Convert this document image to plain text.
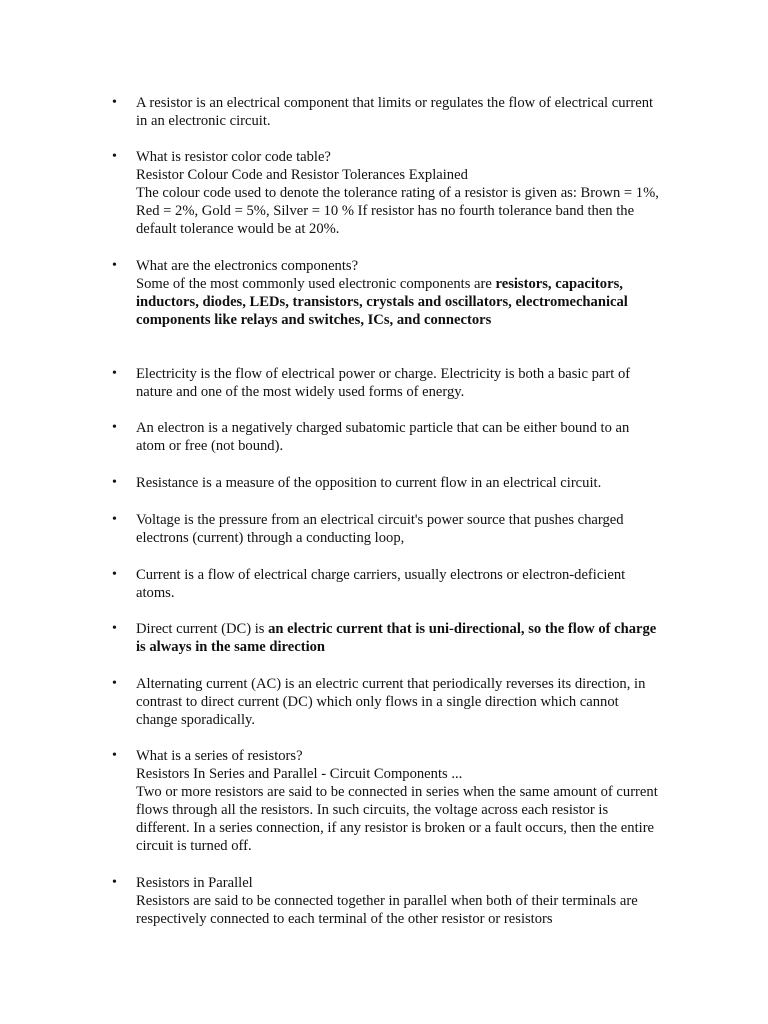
• A resistor is an electrical component that limits or regulates the flow of electrical current
in an electronic circuit.
• What is resistor color code table?
Resistor Colour Code and Resistor Tolerances Explained
The colour code used to denote the tolerance rating of a resistor is given as: Brown = 1%,
Red = 2%, Gold = 5%, Silver = 10 % If resistor has no fourth tolerance band then the
default tolerance would be at 20%.
• What are the electronics components?
Some of the most commonly used electronic components are resistors, capacitors,
inductors, diodes, LEDs, transistors, crystals and oscillators, electromechanical
components like relays and switches, ICs, and connectors
• Electricity is the flow of electrical power or charge. Electricity is both a basic part of
nature and one of the most widely used forms of energy.
• An electron is a negatively charged subatomic particle that can be either bound to an
atom or free (not bound).
• Resistance is a measure of the opposition to current flow in an electrical circuit.
• Voltage is the pressure from an electrical circuit's power source that pushes charged
electrons (current) through a conducting loop,
• Current is a flow of electrical charge carriers, usually electrons or electron-deficient
atoms.
• Direct current (DC) is an electric current that is uni-directional, so the flow of charge
is always in the same direction
• Alternating current (AC) is an electric current that periodically reverses its direction, in
contrast to direct current (DC) which only flows in a single direction which cannot
change sporadically.
• What is a series of resistors?
Resistors In Series and Parallel - Circuit Components ...
Two or more resistors are said to be connected in series when the same amount of current
flows through all the resistors. In such circuits, the voltage across each resistor is
different. In a series connection, if any resistor is broken or a fault occurs, then the entire
circuit is turned off.
• Resistors in Parallel
Resistors are said to be connected together in parallel when both of their terminals are
respectively connected to each terminal of the other resistor or resistors
